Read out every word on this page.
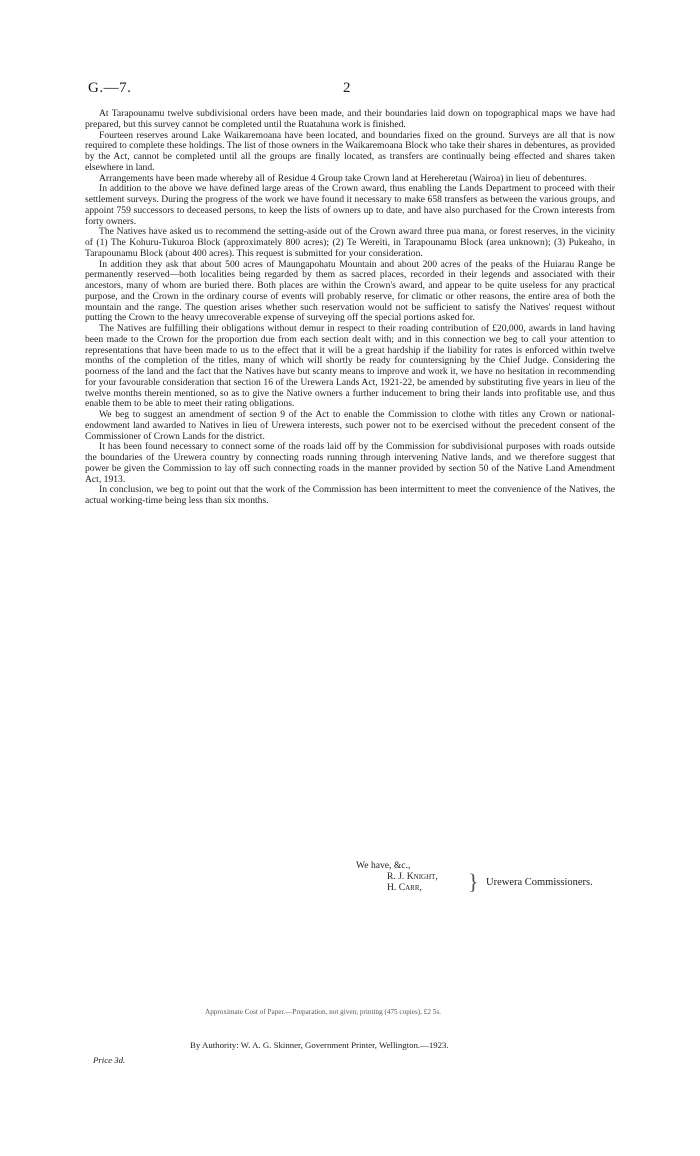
G.—7.	2

At Tarapounamu twelve subdivisional orders have been made, and their boundaries laid down on topographical maps we have had prepared, but this survey cannot be completed until the Ruatahuna work is finished.

Fourteen reserves around Lake Waikaremoana have been located, and boundaries fixed on the ground. Surveys are all that is now required to complete these holdings. The list of those owners in the Waikaremoana Block who take their shares in debentures, as provided by the Act, cannot be completed until all the groups are finally located, as transfers are continually being effected and shares taken elsewhere in land.

Arrangements have been made whereby all of Residue 4 Group take Crown land at Hereheretau (Wairoa) in lieu of debentures.

In addition to the above we have defined large areas of the Crown award, thus enabling the Lands Department to proceed with their settlement surveys. During the progress of the work we have found it necessary to make 658 transfers as between the various groups, and appoint 759 successors to deceased persons, to keep the lists of owners up to date, and have also purchased for the Crown interests from forty owners.

The Natives have asked us to recommend the setting-aside out of the Crown award three pua mana, or forest reserves, in the vicinity of (1) The Kohuru-Tukuroa Block (approximately 800 acres); (2) Te Wereiti, in Tarapounamu Block (area unknown); (3) Pukeaho, in Tarapounamu Block (about 400 acres). This request is submitted for your consideration.

In addition they ask that about 500 acres of Maungapohatu Mountain and about 200 acres of the peaks of the Huiarau Range be permanently reserved—both localities being regarded by them as sacred places, recorded in their legends and associated with their ancestors, many of whom are buried there. Both places are within the Crown's award, and appear to be quite useless for any practical purpose, and the Crown in the ordinary course of events will probably reserve, for climatic or other reasons, the entire area of both the mountain and the range. The question arises whether such reservation would not be sufficient to satisfy the Natives' request without putting the Crown to the heavy unrecoverable expense of surveying off the special portions asked for.

The Natives are fulfilling their obligations without demur in respect to their roading contribution of £20,000, awards in land having been made to the Crown for the proportion due from each section dealt with; and in this connection we beg to call your attention to representations that have been made to us to the effect that it will be a great hardship if the liability for rates is enforced within twelve months of the completion of the titles, many of which will shortly be ready for countersigning by the Chief Judge. Considering the poorness of the land and the fact that the Natives have but scanty means to improve and work it, we have no hesitation in recommending for your favourable consideration that section 16 of the Urewera Lands Act, 1921-22, be amended by substituting five years in lieu of the twelve months therein mentioned, so as to give the Native owners a further inducement to bring their lands into profitable use, and thus enable them to be able to meet their rating obligations.

We beg to suggest an amendment of section 9 of the Act to enable the Commission to clothe with titles any Crown or national-endowment land awarded to Natives in lieu of Urewera interests, such power not to be exercised without the precedent consent of the Commissioner of Crown Lands for the district.

It has been found necessary to connect some of the roads laid off by the Commission for subdivisional purposes with roads outside the boundaries of the Urewera country by connecting roads running through intervening Native lands, and we therefore suggest that power be given the Commission to lay off such connecting roads in the manner provided by section 50 of the Native Land Amendment Act, 1913.

In conclusion, we beg to point out that the work of the Commission has been intermittent to meet the convenience of the Natives, the actual working-time being less than six months.

We have, &c.,
R. J. Knight,
H. Carr, } Urewera Commissioners.
Approximate Cost of Paper.—Preparation, not given; printing (475 copies), £2 5s.
By Authority: W. A. G. Skinner, Government Printer, Wellington.—1923.
Price 3d.
